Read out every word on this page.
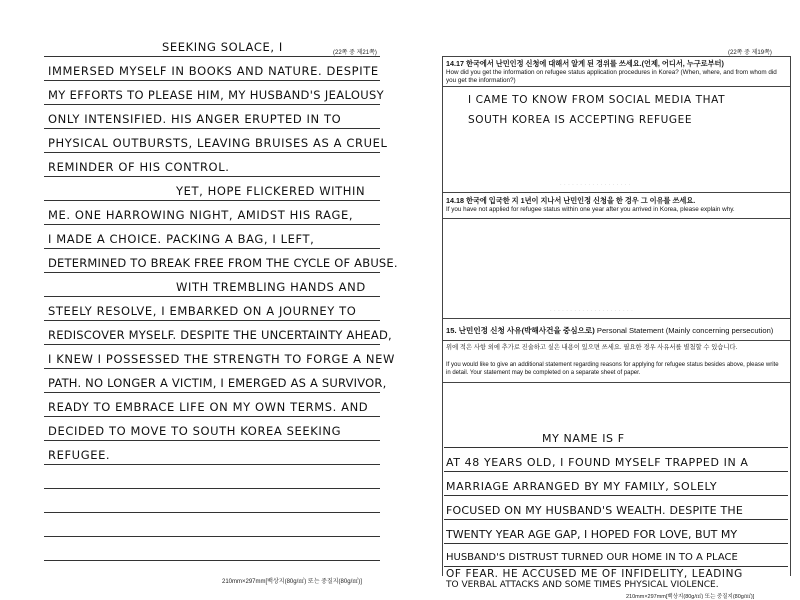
(22쪽 중 제21쪽)
SEEKING SOLACE, I
IMMERSED MYSELF IN BOOKS AND NATURE. DESPITE
MY EFFORTS TO PLEASE HIM, MY HUSBAND'S JEALOUSY
ONLY INTENSIFIED. HIS ANGER ERUPTED IN TO
PHYSICAL OUTBURSTS, LEAVING BRUISES AS A CRUEL
REMINDER OF HIS CONTROL.
YET, HOPE FLICKERED WITHIN
ME. ONE HARROWING NIGHT, AMIDST HIS RAGE,
I MADE A CHOICE. PACKING A BAG, I LEFT,
DETERMINED TO BREAK FREE FROM THE CYCLE OF ABUSE.
WITH TREMBLING HANDS AND
STEELY RESOLVE, I EMBARKED ON A JOURNEY TO
REDISCOVER MYSELF. DESPITE THE UNCERTAINTY AHEAD,
I KNEW I POSSESSED THE STRENGTH TO FORGE A NEW
PATH. NO LONGER A VICTIM, I EMERGED AS A SURVIVOR,
READY TO EMBRACE LIFE ON MY OWN TERMS. AND
DECIDED TO MOVE TO SOUTH KOREA SEEKING
REFUGEE.
210mm×297mm[백상지(80g/㎡) 또는 중질지(80g/㎡)]
(22쪽 중 제19쪽)
14.17 한국에서 난민인정 신청에 대해서 알게 된 경위를 쓰세요.(언제, 어디서, 누구로부터)
How did you get the information on refugee status application procedures in Korea? (When, where, and from whom did you get the information?)
I CAME TO KNOW FROM SOCIAL MEDIA THAT
SOUTH KOREA IS ACCEPTING REFUGEE
· · · · · · · · · · · · · · · · · ·
14.18 한국에 입국한 지 1년이 지나서 난민인정 신청을 한 경우 그 이유를 쓰세요.
If you have not applied for refugee status within one year after you arrived in Korea, please explain why.
· · · · · · · · · · · · · · · · · · · · ·
15. 난민인정 신청 사유(박해사건을 중심으로) Personal Statement (Mainly concerning persecution)
위에 적은 사항 외에 추가로 진술하고 싶은 내용이 있으면 쓰세요. 필요한 경우 사유서를 별첨할 수 있습니다.
If you would like to give an additional statement regarding reasons for applying for refugee status besides above, please write in detail. Your statement may be completed on a separate sheet of paper.
MY NAME IS F
AT 48 YEARS OLD, I FOUND MYSELF TRAPPED IN A
MARRIAGE ARRANGED BY MY FAMILY, SOLELY
FOCUSED ON MY HUSBAND'S WEALTH. DESPITE THE
TWENTY YEAR AGE GAP, I HOPED FOR LOVE, BUT MY
HUSBAND'S DISTRUST TURNED OUR HOME IN TO A PLACE
OF FEAR. HE ACCUSED ME OF INFIDELITY, LEADING
TO VERBAL ATTACKS AND SOME TIMES PHYSICAL VIOLENCE.
210mm×297mm[백상지(80g/㎡) 또는 중질지(80g/㎡)]
